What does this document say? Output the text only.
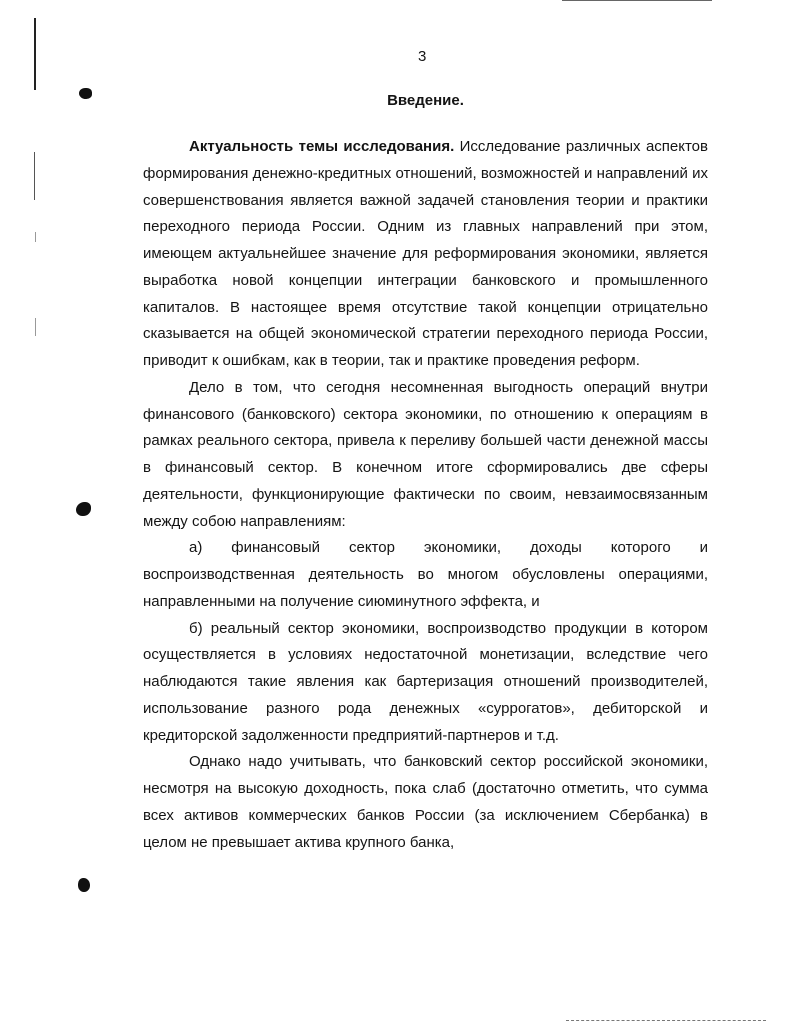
3
Введение.

Актуальность темы исследования. Исследование различных аспектов формирования денежно-кредитных отношений, возможностей и направлений их совершенствования является важной задачей становления теории и практики переходного периода России. Одним из главных направлений при этом, имеющем актуальнейшее значение для реформирования экономики, является выработка новой концепции интеграции банковского и промышленного капиталов. В настоящее время отсутствие такой концепции отрицательно сказывается на общей экономической стратегии переходного периода России, приводит к ошибкам, как в теории, так и практике проведения реформ.

Дело в том, что сегодня несомненная выгодность операций внутри финансового (банковского) сектора экономики, по отношению к операциям в рамках реального сектора, привела к переливу большей части денежной массы в финансовый сектор. В конечном итоге сформировались две сферы деятельности, функционирующие фактически по своим, невзаимосвязанным между собою направлениям:

а) финансовый сектор экономики, доходы которого и воспроизводственная деятельность во многом обусловлены операциями, направленными на получение сиюминутного эффекта, и

б) реальный сектор экономики, воспроизводство продукции в котором осуществляется в условиях недостаточной монетизации, вследствие чего наблюдаются такие явления как бартеризация отношений производителей, использование разного рода денежных «суррогатов», дебиторской и кредиторской задолженности предприятий-партнеров и т.д.

Однако надо учитывать, что банковский сектор российской экономики, несмотря на высокую доходность, пока слаб (достаточно отметить, что сумма всех активов коммерческих банков России (за исключением Сбербанка) в целом не превышает актива крупного банка,
